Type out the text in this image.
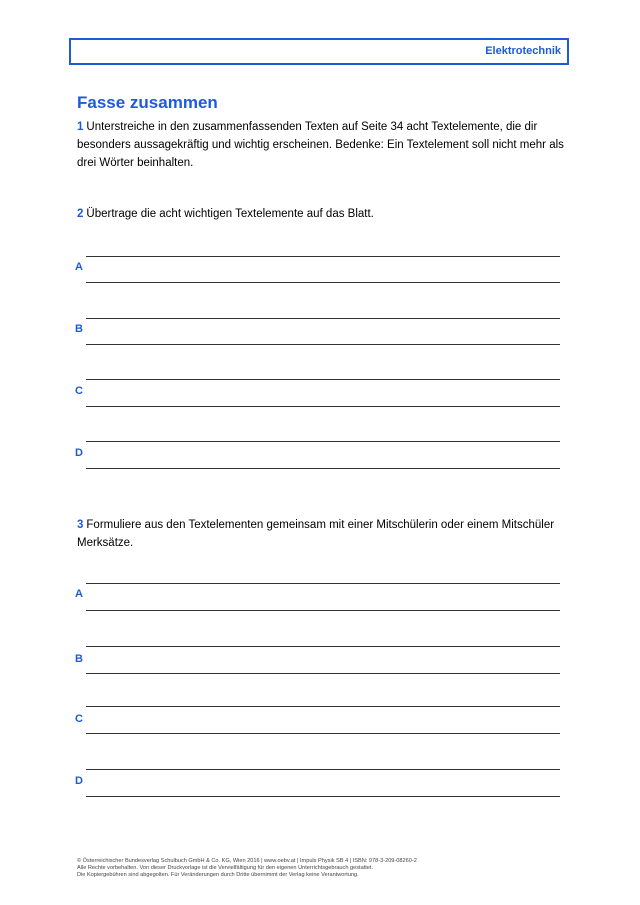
Elektrotechnik
Fasse zusammen
1 Unterstreiche in den zusammenfassenden Texten auf Seite 34 acht Textelemente, die dir besonders aussagekräftig und wichtig erscheinen. Bedenke: Ein Textelement soll nicht mehr als drei Wörter beinhalten.
2 Übertrage die acht wichtigen Textelemente auf das Blatt.
A
B
C
D
3 Formuliere aus den Textelementen gemeinsam mit einer Mitschülerin oder einem Mitschüler Merksätze.
A
B
C
D
© Österreichischer Bundesverlag Schulbuch GmbH & Co. KG, Wien 2016 | www.oebv.at | Impuls Physik SB 4 | ISBN: 978-3-209-08260-2
Alle Rechte vorbehalten. Von dieser Druckvorlage ist die Vervielfältigung für den eigenen Unterrichtsgebrauch gestattet.
Die Kopiergebühren sind abgegolten. Für Veränderungen durch Dritte übernimmt der Verlag keine Verantwortung.
